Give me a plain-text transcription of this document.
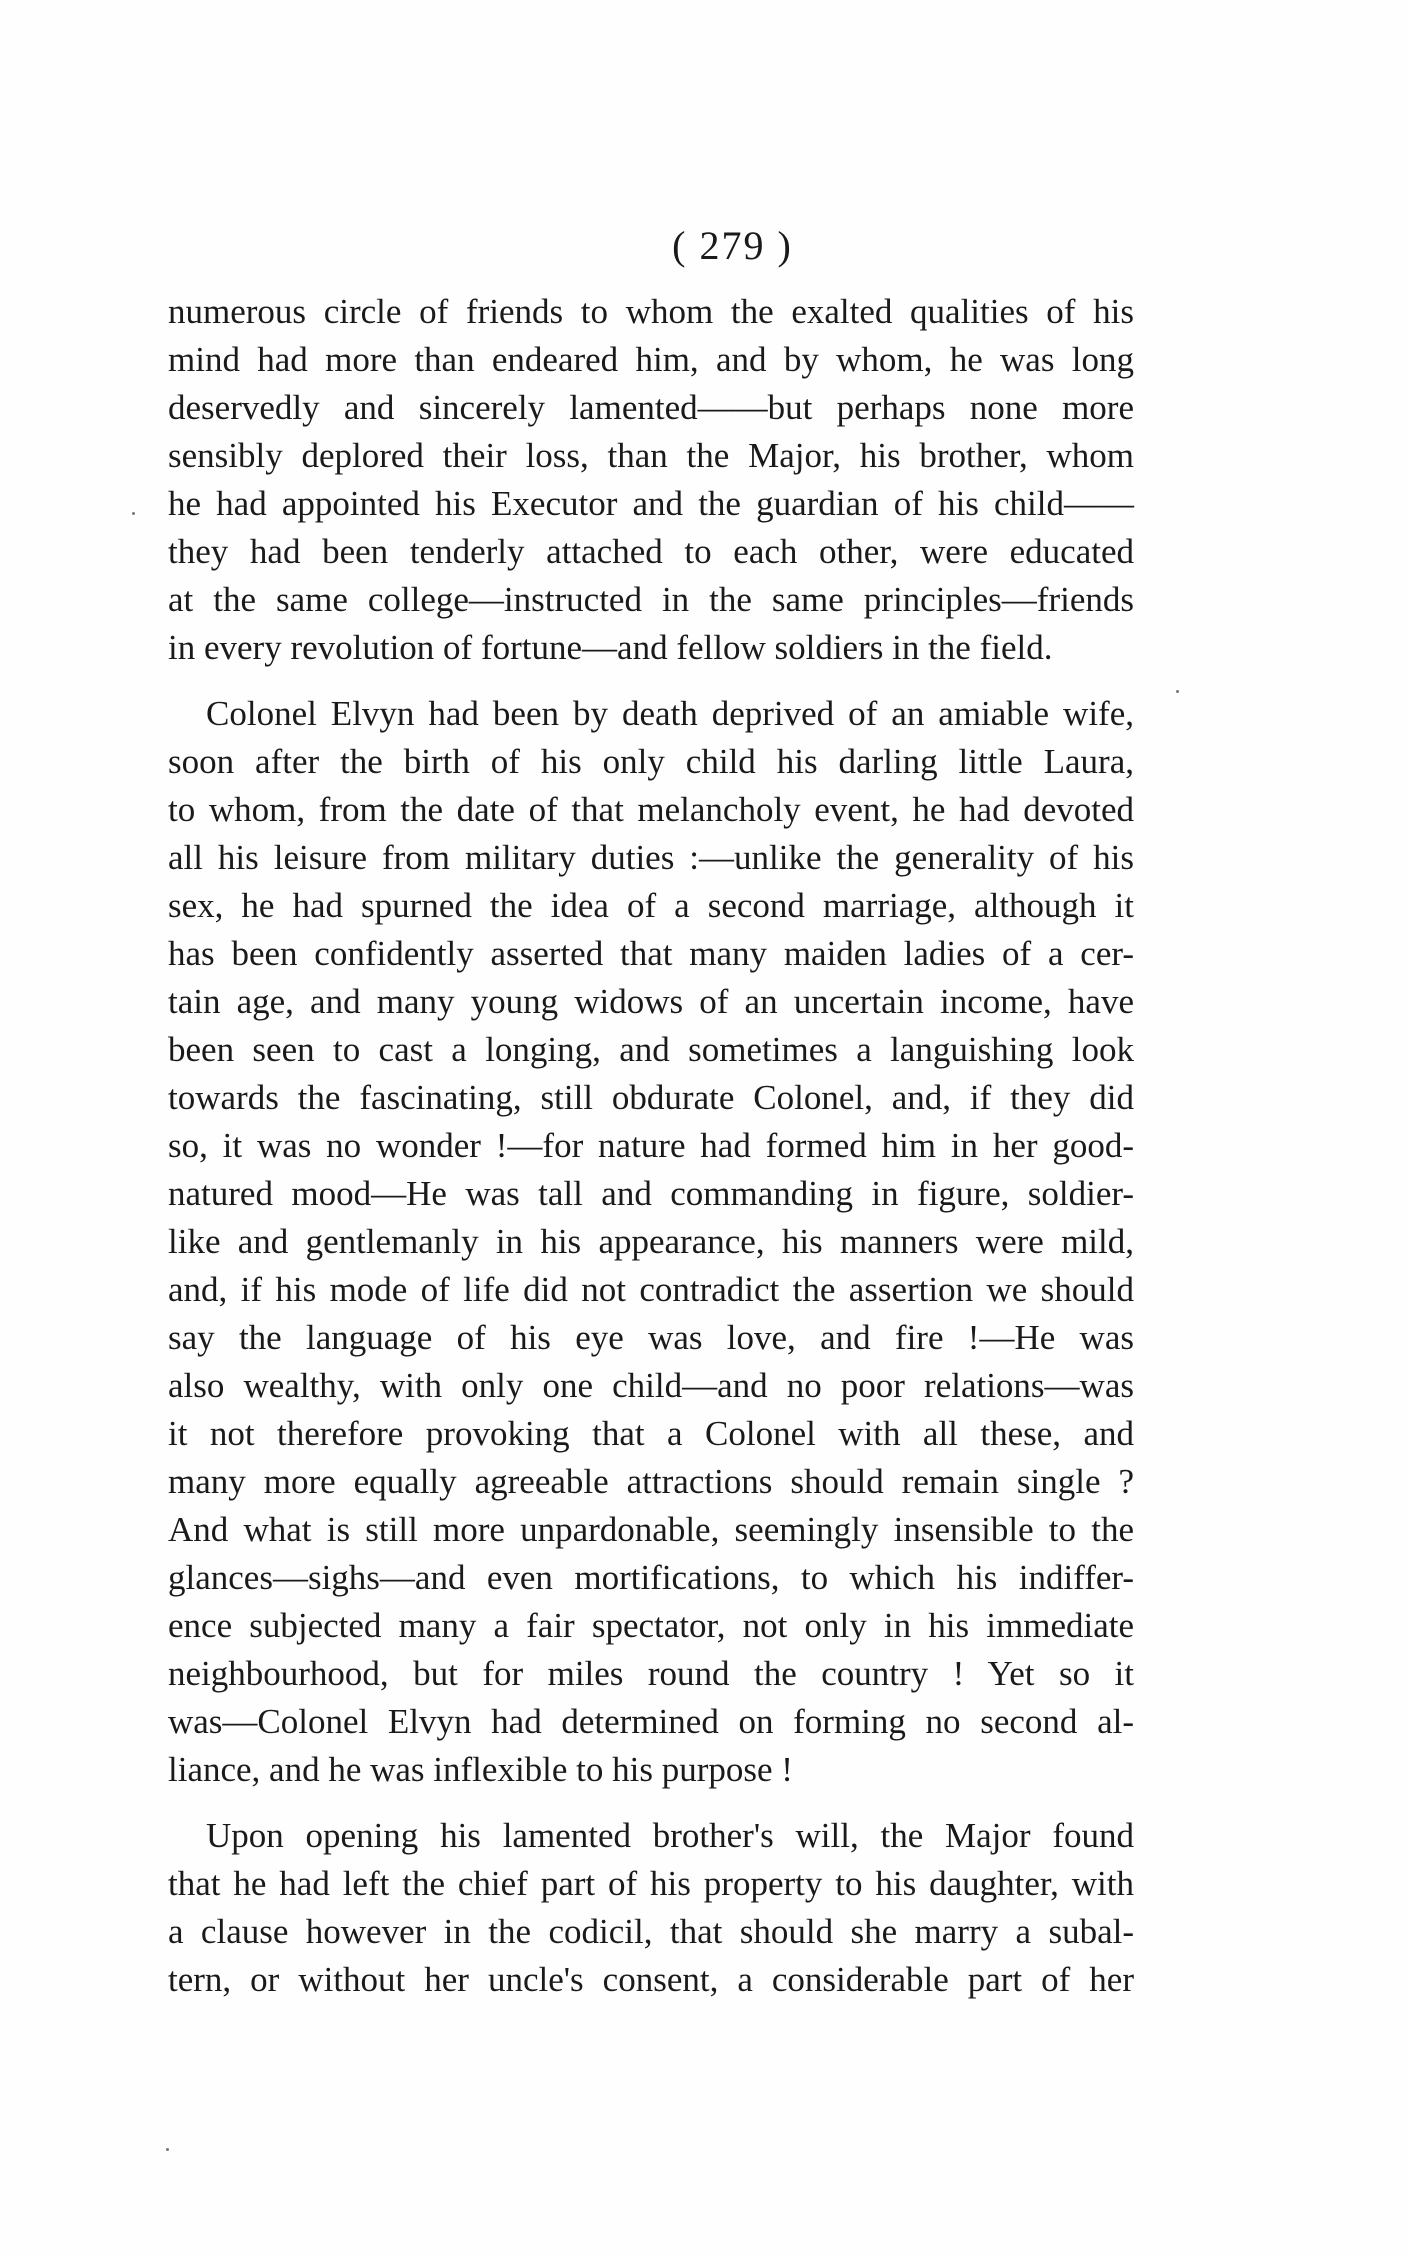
( 279 )
numerous circle of friends to whom the exalted qualities of his
mind had more than endeared him, and by whom, he was long
deservedly and sincerely lamented——but perhaps none more
sensibly deplored their loss, than the Major, his brother, whom
he had appointed his Executor and the guardian of his child——
they had been tenderly attached to each other, were educated
at the same college—instructed in the same principles—friends
in every revolution of fortune—and fellow soldiers in the field.
Colonel Elvyn had been by death deprived of an amiable wife,
soon after the birth of his only child his darling little Laura,
to whom, from the date of that melancholy event, he had devoted
all his leisure from military duties :—unlike the generality of his
sex, he had spurned the idea of a second marriage, although it
has been confidently asserted that many maiden ladies of a cer-
tain age, and many young widows of an uncertain income, have
been seen to cast a longing, and sometimes a languishing look
towards the fascinating, still obdurate Colonel, and, if they did
so, it was no wonder !—for nature had formed him in her good-
natured mood—He was tall and commanding in figure, soldier-
like and gentlemanly in his appearance, his manners were mild,
and, if his mode of life did not contradict the assertion we should
say the language of his eye was love, and fire !—He was
also wealthy, with only one child—and no poor relations—was
it not therefore provoking that a Colonel with all these, and
many more equally agreeable attractions should remain single ?
And what is still more unpardonable, seemingly insensible to the
glances—sighs—and even mortifications, to which his indiffer-
ence subjected many a fair spectator, not only in his immediate
neighbourhood, but for miles round the country ! Yet so it
was—Colonel Elvyn had determined on forming no second al-
liance, and he was inflexible to his purpose !
Upon opening his lamented brother's will, the Major found
that he had left the chief part of his property to his daughter, with
a clause however in the codicil, that should she marry a subal-
tern, or without her uncle's consent, a considerable part of her
